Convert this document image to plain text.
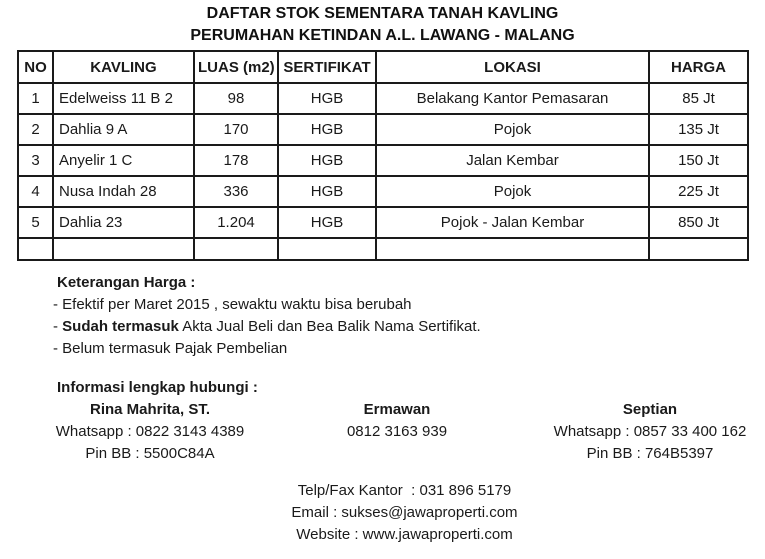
DAFTAR STOK SEMENTARA TANAH KAVLING
PERUMAHAN KETINDAN A.L. LAWANG - MALANG
NO	KAVLING	LUAS (m2)	SERTIFIKAT	LOKASI	HARGA
1	Edelweiss 11 B 2	98	HGB	Belakang Kantor Pemasaran	85 Jt
2	Dahlia 9 A	170	HGB	Pojok	135 Jt
3	Anyelir 1 C	178	HGB	Jalan Kembar	150 Jt
4	Nusa Indah 28	336	HGB	Pojok	225 Jt
5	Dahlia 23	1.204	HGB	Pojok - Jalan Kembar	850 Jt

Keterangan Harga :
- Efektif per Maret 2015 , sewaktu waktu bisa berubah
- Sudah termasuk Akta Jual Beli dan Bea Balik Nama Sertifikat.
- Belum termasuk Pajak Pembelian
Informasi lengkap hubungi :
Rina Mahrita, ST.
Whatsapp : 0822 3143 4389
Pin BB : 5500C84A
Ermawan
0812 3163 939
Septian
Whatsapp : 0857 33 400 162
Pin BB : 764B5397
Telp/Fax Kantor  : 031 896 5179
Email : sukses@jawaproperti.com
Website : www.jawaproperti.com
